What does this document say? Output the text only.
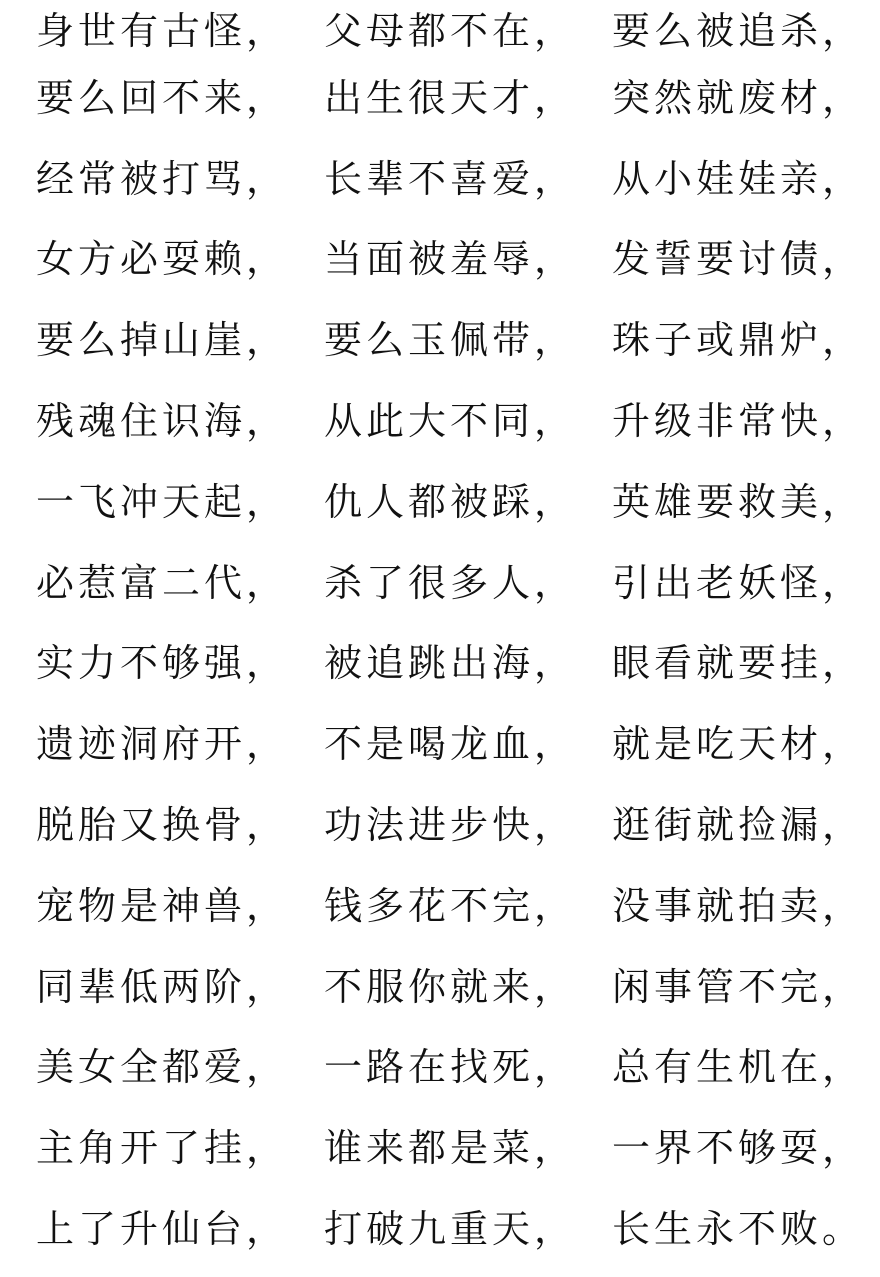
身世有古怪， 父母都不在， 要么被追杀，
要么回不来， 出生很天才， 突然就废材，
经常被打骂， 长辈不喜爱， 从小娃娃亲，
女方必耍赖， 当面被羞辱， 发誓要讨债，
要么掉山崖， 要么玉佩带， 珠子或鼎炉，
残魂住识海， 从此大不同， 升级非常快，
一飞冲天起， 仇人都被踩， 英雄要救美，
必惹富二代， 杀了很多人， 引出老妖怪，
实力不够强， 被追跳出海， 眼看就要挂，
遗迹洞府开， 不是喝龙血， 就是吃天材，
脱胎又换骨， 功法进步快， 逛街就捡漏，
宠物是神兽， 钱多花不完， 没事就拍卖，
同辈低两阶， 不服你就来， 闲事管不完，
美女全都爱， 一路在找死， 总有生机在，
主角开了挂， 谁来都是菜， 一界不够耍，
上了升仙台， 打破九重天， 长生永不败。
